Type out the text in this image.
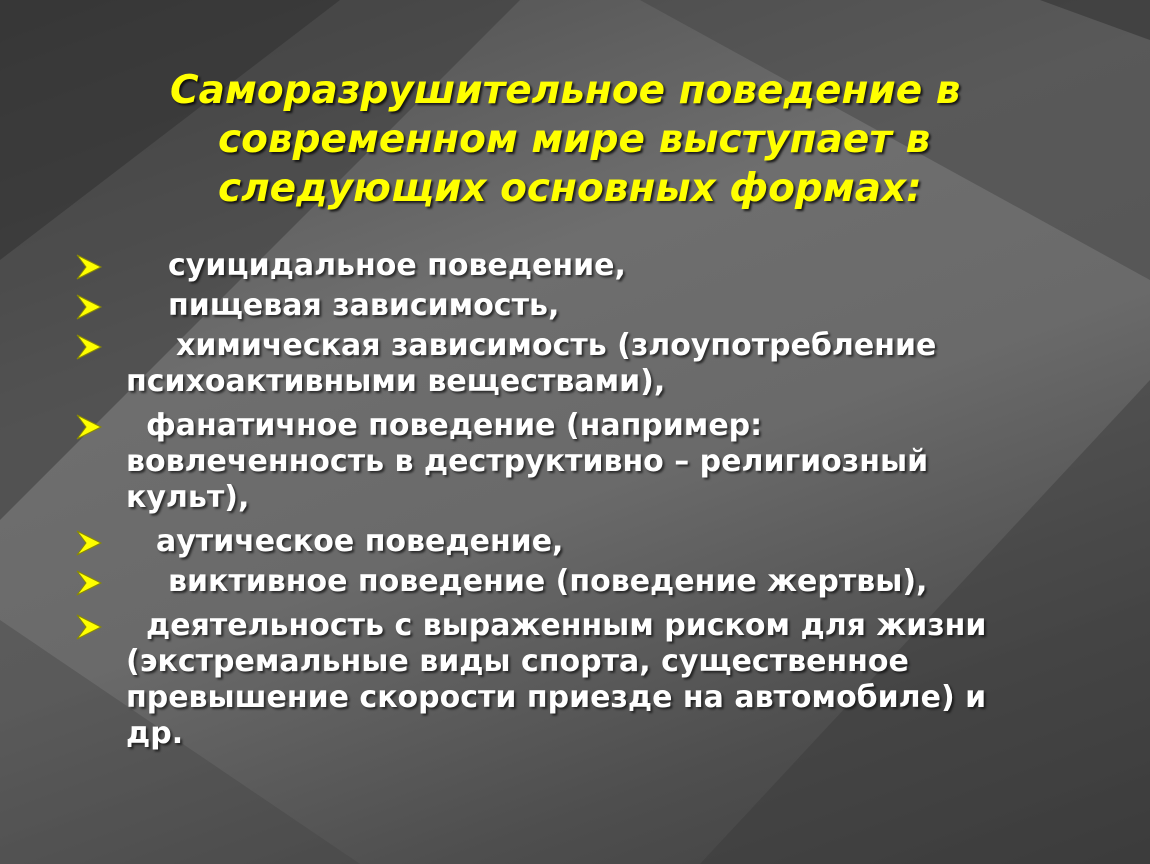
Саморазрушительное поведение в
современном мире выступает в
следующих основных формах:
суицидальное поведение,
пищевая зависимость,
химическая зависимость (злоупотребление
психоактивными веществами),
фанатичное поведение (например:
вовлеченность в деструктивно – религиозный
культ),
аутическое поведение,
виктивное поведение (поведение жертвы),
деятельность с выраженным риском для жизни
(экстремальные виды спорта, существенное
превышение скорости приезде на автомобиле) и
др.
